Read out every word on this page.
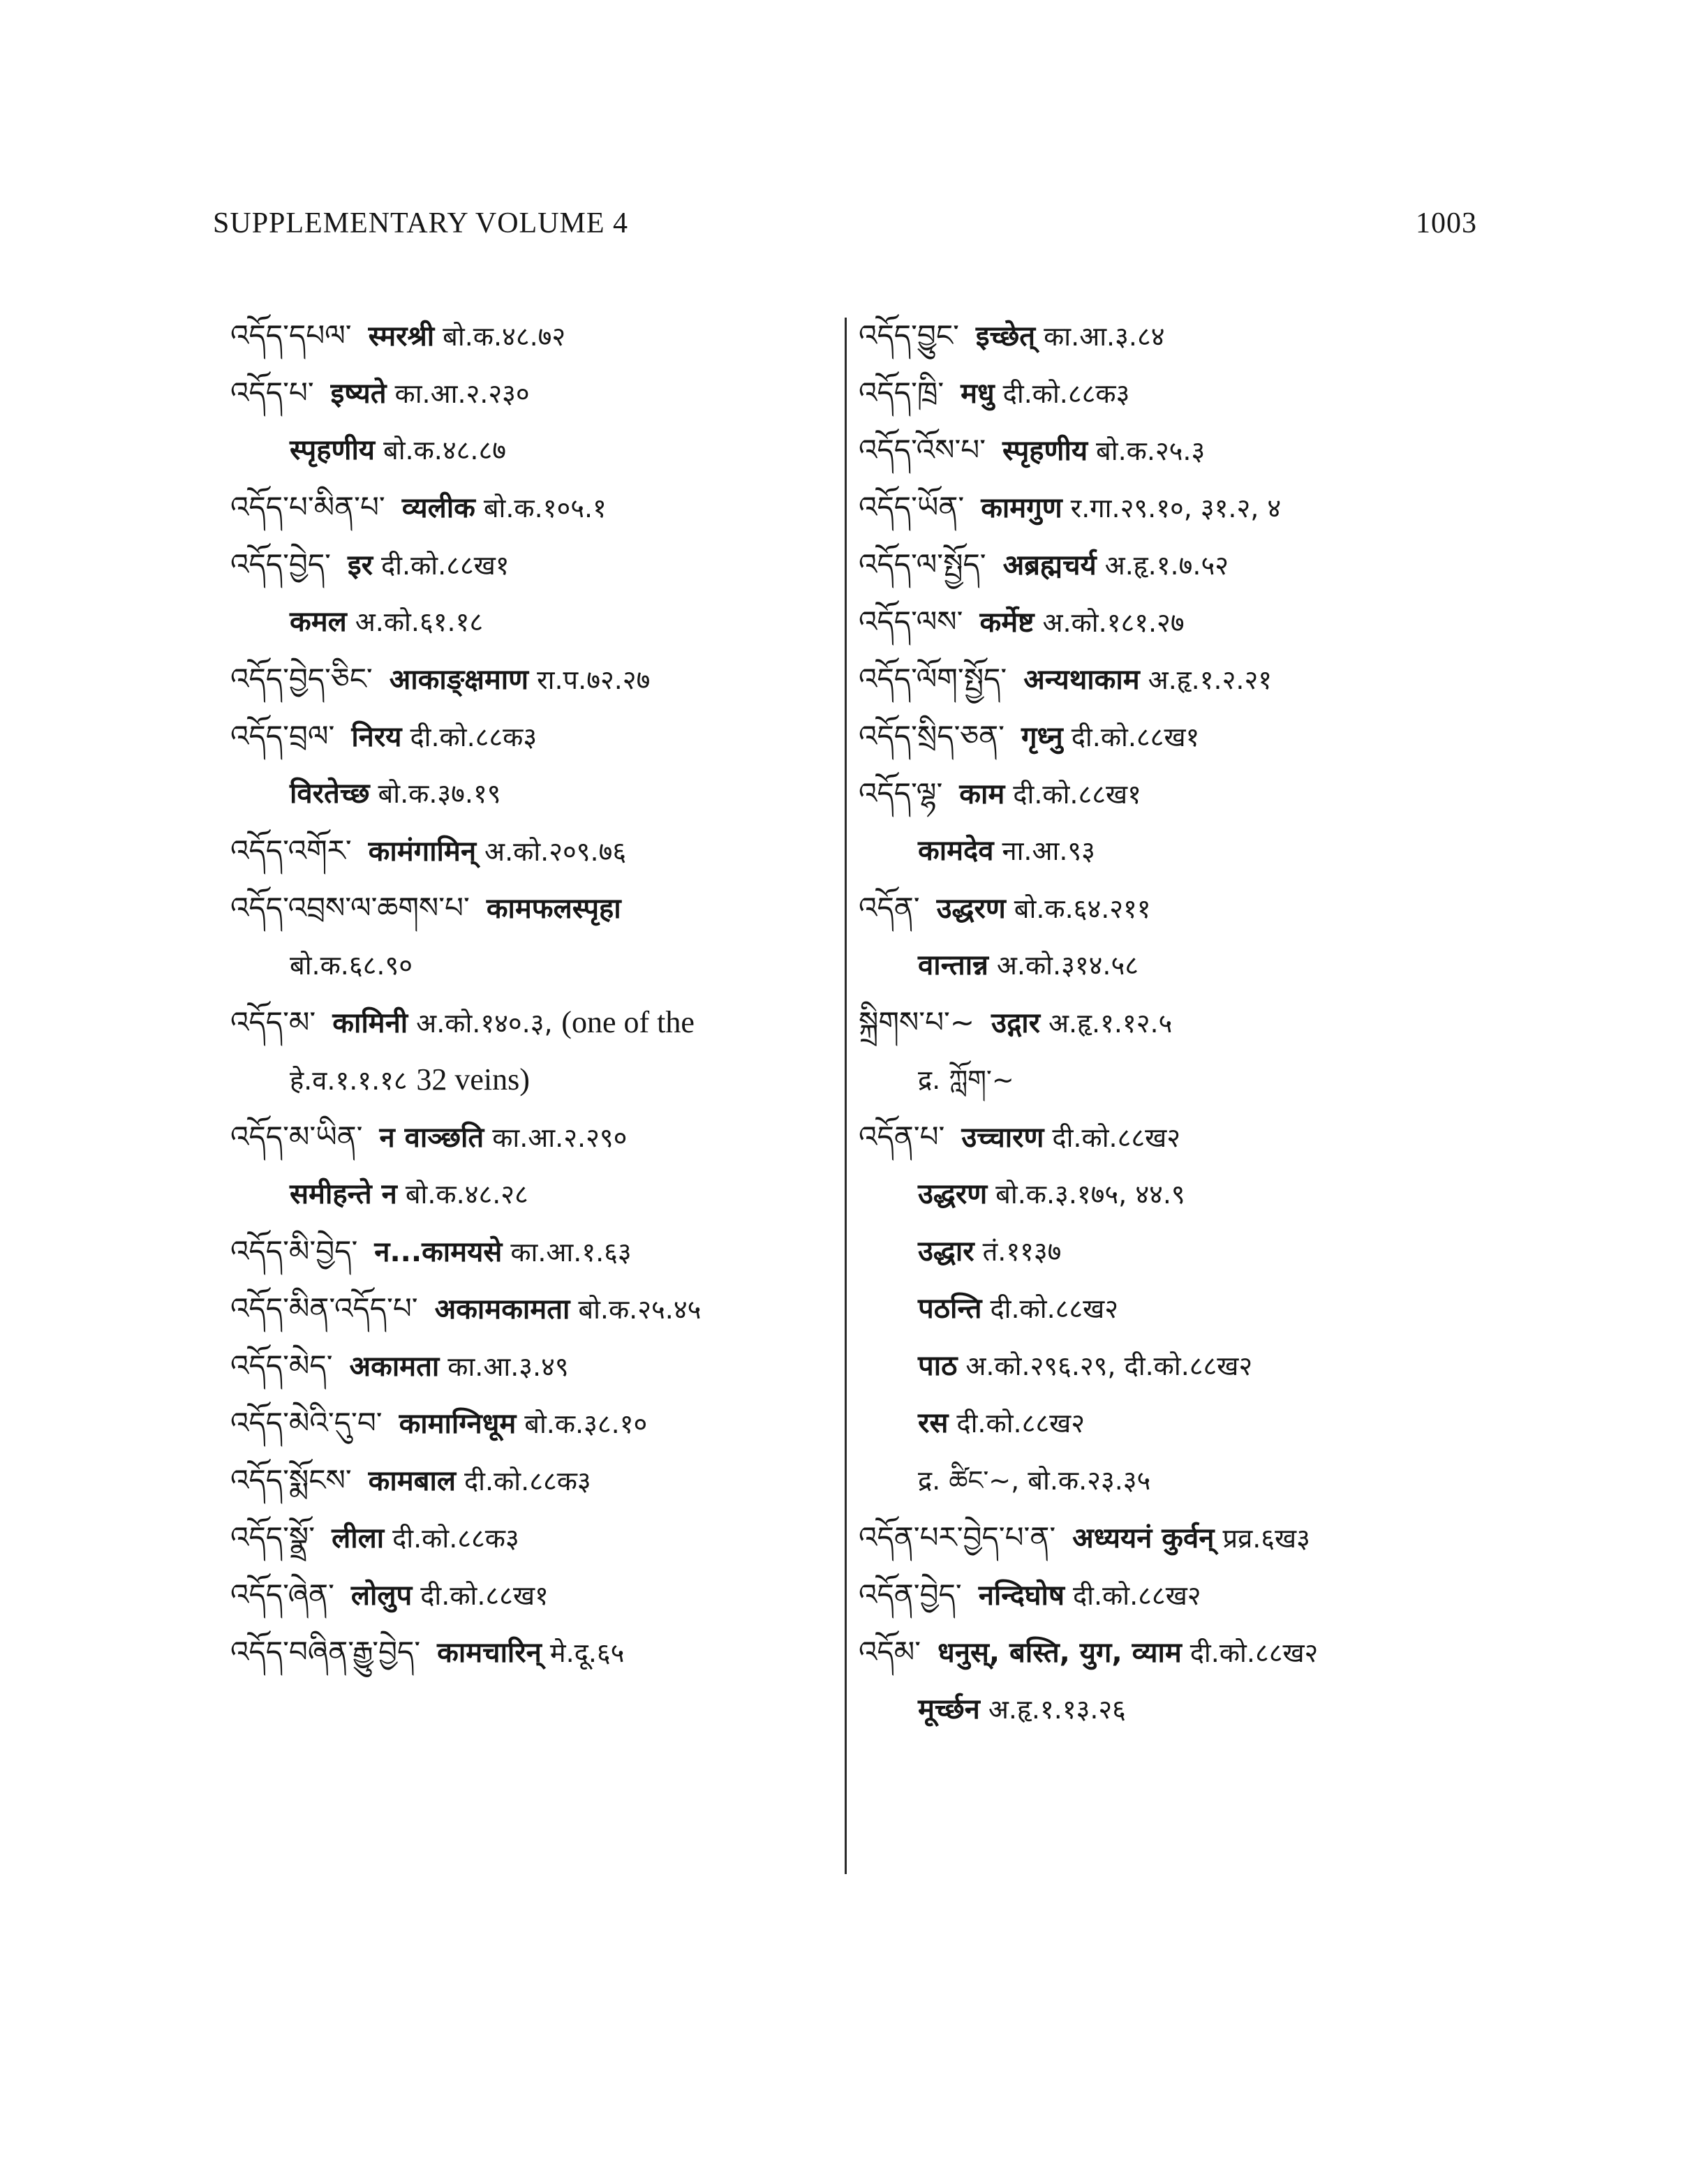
SUPPLEMENTARY VOLUME 4	1003
འདོད་དཔལ་ स्मरश्री बो.क.४८.७२
འདོད་པ་ इष्यते का.आ.२.२३०
स्पृहणीय बो.क.४८.८७
འདོད་པ་མིན་པ་ व्यलीक बो.क.१०५.१
འདོད་བྱེད་ इर दी.को.८८ख१
कमल अ.को.६१.१८
འདོད་བྱེད་ཅིང་ आकाङ्क्षमाण रा.प.७२.२७
འདོད་བྲལ་ निरय दी.को.८८क३
विरतेच्छ बो.क.३७.१९
འདོད་འགོར་ कामंगामिन् अ.को.२०९.७६
འདོད་འབྲས་ལ་ཆགས་པ་ कामफलस्पृहा
बो.क.६८.९०
འདོད་མ་ कामिनी अ.को.१४०.३, (one of the
हे.व.१.१.१८ 32 veins)
འདོད་མ་ཡིན་ न वाञ्छति का.आ.२.२९०
समीहन्ते न बो.क.४८.२८
འདོད་མི་བྱེད་ न...कामयसे का.आ.१.६३
འདོད་མིན་འདོད་པ་ अकामकामता बो.क.२५.४५
འདོད་མེད་ अकामता का.आ.३.४९
འདོད་མེའི་དུ་བ་ कामाग्निधूम बो.क.३८.१०
འདོད་སྨོངས་ कामबाल दी.को.८८क३
འདོད་སྣྲོ་ लीला दी.को.८८क३
འདོད་ཞེན་ लोलुप दी.को.८८ख१
འདོད་བཞིན་རྒྱུ་བྱེད་ कामचारिन् मे.दू.६५
འདོད་བྱུང་ इच्छेत् का.आ.३.८४
འདོད་ཁྲི་ मधु दी.को.८८क३
འདོད་འོས་པ་ स्पृहणीय बो.क.२५.३
འདོད་ཡོན་ कामगुण र.गा.२९.१०, ३१.२, ४
འདོད་ལ་སྤྱོད་ अब्रह्मचर्य अ.हृ.१.७.५२
འདོད་ལས་ कर्मेष्ट अ.को.१८१.२७
འདོད་ལོག་སྤྱོད་ अन्यथाकाम अ.हृ.१.२.२१
འདོད་སྲིད་ཅན་ गृध्नु दी.को.८८ख१
འདོད་ལྷ་ काम दी.को.८८ख१
कामदेव ना.आ.९३
འདོན་ उद्धरण बो.क.६४.२११
वान्तान्न अ.को.३१४.५८
སྐྲིགས་པ་~ उद्गार अ.हृ.१.१२.५
द्र. ཀློག་~
འདོན་པ་ उच्चारण दी.को.८८ख२
उद्धरण बो.क.३.१७५, ४४.९
उद्धार तं.११३७
पठन्ति दी.को.८८ख२
पाठ अ.को.२९६.२९, दी.को.८८ख२
रस दी.को.८८ख२
द्र. ཚིང་~, बो.क.२३.३५
འདོན་པར་བྱེད་པ་ན་ अध्ययनं कुर्वन् प्रव्र.६ख३
འདོན་བྱེད་ नन्दिघोष दी.को.८८ख२
འདོམ་ धनुस्, बस्ति, युग, व्याम दी.को.८८ख२
मूर्च्छन अ.हृ.१.१३.२६
